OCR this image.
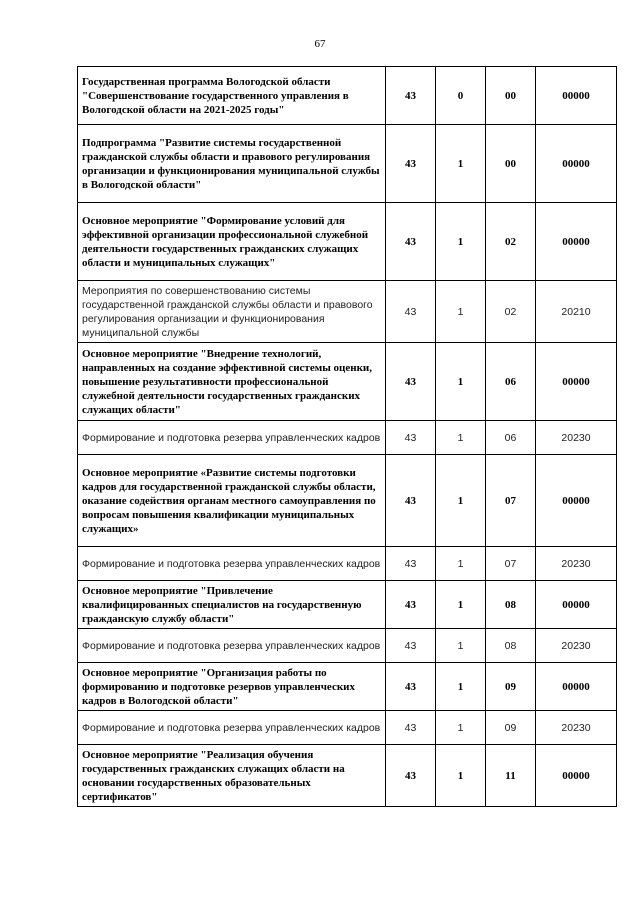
67
Государственная программа Вологодской области "Совершенствование государственного управления в Вологодской области на 2021-2025 годы"	43	0	00	00000
Подпрограмма "Развитие системы государственной гражданской службы области и правового регулирования организации и функционирования муниципальной службы в Вологодской области"	43	1	00	00000
Основное мероприятие "Формирование условий для эффективной организации профессиональной служебной деятельности государственных гражданских служащих области и муниципальных служащих"	43	1	02	00000
Мероприятия по совершенствованию системы государственной гражданской службы области и правового регулирования организации и функционирования муниципальной службы	43	1	02	20210
Основное мероприятие "Внедрение технологий, направленных на создание эффективной системы оценки, повышение результативности профессиональной служебной деятельности государственных гражданских служащих области"	43	1	06	00000
Формирование и подготовка резерва управленческих кадров	43	1	06	20230
Основное мероприятие «Развитие системы подготовки кадров для государственной гражданской службы области, оказание содействия органам местного самоуправления по вопросам повышения квалификации муниципальных служащих»	43	1	07	00000
Формирование и подготовка резерва управленческих кадров	43	1	07	20230
Основное мероприятие "Привлечение квалифицированных специалистов на государственную гражданскую службу области"	43	1	08	00000
Формирование и подготовка резерва управленческих кадров	43	1	08	20230
Основное мероприятие "Организация работы по формированию и подготовке резервов управленческих кадров в Вологодской области"	43	1	09	00000
Формирование и подготовка резерва управленческих кадров	43	1	09	20230
Основное мероприятие "Реализация обучения государственных гражданских служащих области на основании государственных образовательных сертификатов"	43	1	11	00000
